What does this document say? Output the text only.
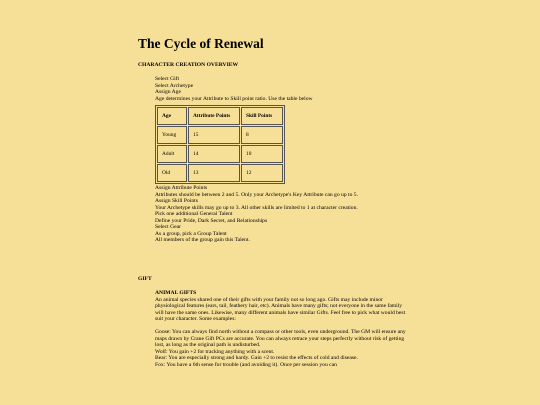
The Cycle of Renewal
CHARACTER CREATION OVERVIEW
Select Gift
Select Archetype
Assign Age
Age determines your Attribute to Skill point ratio. Use the table below
Age	Attribute Points	Skill Points
Young	15	8
Adult	14	10
Old	13	12
Assign Attribute Points
Attributes should be between 2 and 5. Only your Archetype's Key Attribute can go up to 5.
Assign Skill Points
Your Archetype skills may go up to 3. All other skills are limited to 1 at character creation.
Pick one additional General Talent
Define your Pride, Dark Secret, and Relationships
Select Gear
As a group, pick a Group Talent
All members of the group gain this Talent.
GIFT
ANIMAL GIFTS
An animal species shared one of their gifts with your family not so long ago. Gifts may include minor physiological features (ears, tail, feathery hair, etc). Animals have many gifts; not everyone in the same family will have the same ones. Likewise, many different animals have similar Gifts. Feel free to pick what would best suit your character. Some examples:
Goose: You can always find north without a compass or other tools, even underground. The GM will ensure any maps drawn by Crane Gift PCs are accurate. You can always retrace your steps perfectly without risk of getting lost, as long as the original path is undisturbed.
Wolf: You gain +2 for tracking anything with a scent.
Bear: You are especially strong and hardy. Gain +2 to resist the effects of cold and disease.
Fox: You have a 6th sense for trouble (and avoiding it). Once per session you can
